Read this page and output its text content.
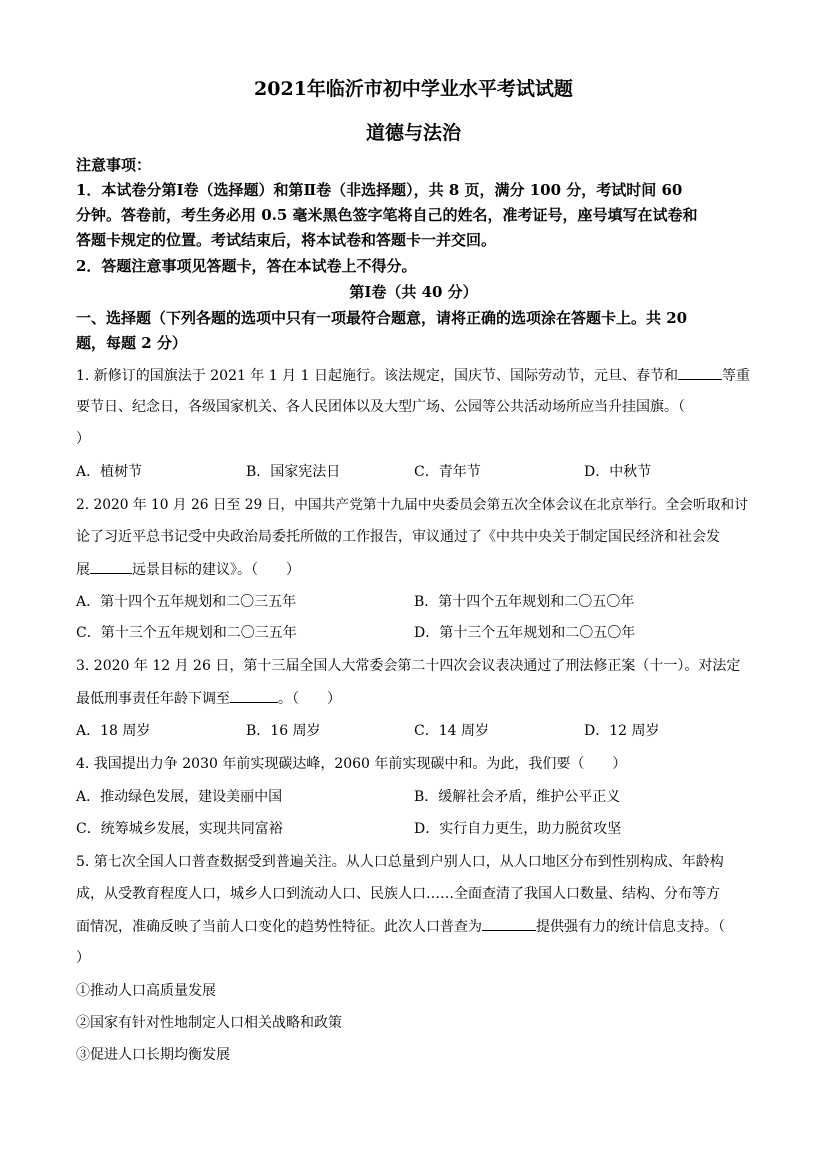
2021年临沂市初中学业水平考试试题
道德与法治
注意事项：
1．本试卷分第Ⅰ卷（选择题）和第Ⅱ卷（非选择题），共 8 页，满分 100 分，考试时间 60
分钟。答卷前，考生务必用 0.5 毫米黑色签字笔将自己的姓名，准考证号，座号填写在试卷和
答题卡规定的位置。考试结束后，将本试卷和答题卡一并交回。
2．答题注意事项见答题卡，答在本试卷上不得分。
第Ⅰ卷（共 40 分）
一、选择题（下列各题的选项中只有一项最符合题意，请将正确的选项涂在答题卡上。共 20
题，每题 2 分）
1. 新修订的国旗法于 2021 年 1 月 1 日起施行。该法规定，国庆节、国际劳动节，元旦、春节和	等重
要节日、纪念日，各级国家机关、各人民团体以及大型广场、公园等公共活动场所应当升挂国旗。（
）
A．植树节	B．国家宪法日	C．青年节	D．中秋节
2. 2020 年 10 月 26 日至 29 日，中国共产党第十九届中央委员会第五次全体会议在北京举行。全会听取和讨
论了习近平总书记受中央政治局委托所做的工作报告，审议通过了《中共中央关于制定国民经济和社会发
展	远景目标的建议》。（　　）
A．第十四个五年规划和二〇三五年	B．第十四个五年规划和二〇五〇年
C．第十三个五年规划和二〇三五年	D．第十三个五年规划和二〇五〇年
3. 2020 年 12 月 26 日，第十三届全国人大常委会第二十四次会议表决通过了刑法修正案（十一）。对法定
最低刑事责任年龄下调至	。（　　）
A．18 周岁	B．16 周岁	C．14 周岁	D．12 周岁
4. 我国提出力争 2030 年前实现碳达峰，2060 年前实现碳中和。为此，我们要（　　）
A．推动绿色发展，建设美丽中国	B．缓解社会矛盾，维护公平正义
C．统筹城乡发展，实现共同富裕	D．实行自力更生，助力脱贫攻坚
5. 第七次全国人口普查数据受到普遍关注。从人口总量到户别人口，从人口地区分布到性别构成、年龄构
成，从受教育程度人口，城乡人口到流动人口、民族人口……全面查清了我国人口数量、结构、分布等方
面情况，准确反映了当前人口变化的趋势性特征。此次人口普查为	提供强有力的统计信息支持。（
）
①推动人口高质量发展
②国家有针对性地制定人口相关战略和政策
③促进人口长期均衡发展
